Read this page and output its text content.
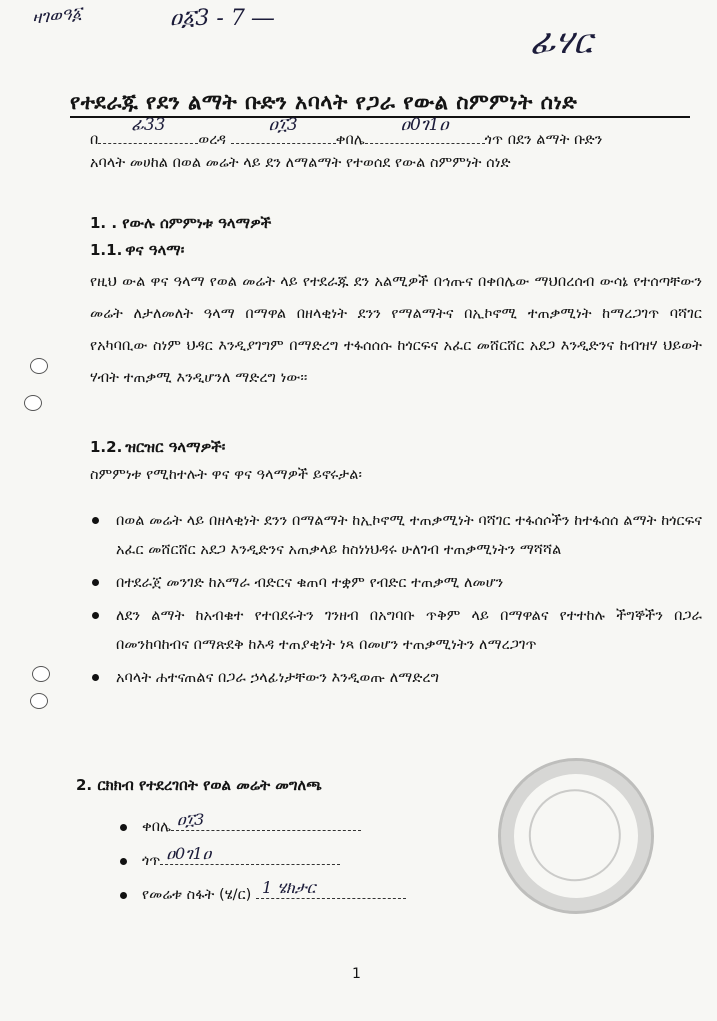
ዛገወዓ፩	ዐ፩3 - 7 ―
ፊሃር
የተደራጁ የደን ልማት ቡድን አባላት የጋራ የውል ስምምነት ሰነድ
በ
ፊ33
ወረዳ
ዐ፲3
ቀበሌ
ዐ0ገ1ዐ
ጎጥ በደን ልማት ቡድን
አባላት መሀከል በወል መሬት ላይ ደን ለማልማት የተወሰደ የውል ስምምነት ሰነድ
1. . የውሉ ሰምምነቱ ዓላማዎች
1.1. ዋና ዓላማ፡
የዚህ ውል ዋና ዓላማ የወል መሬት ላይ የተደራጁ ደን አልሚዎች በኅጡና በቀበሌው ማህበረሰብ ውሳኔ የተሰጣቸውን መሬት ለታለመለት ዓላማ በማዋል በዘላቂነት ደንን የማልማትና በኢኮኖሚ ተጠቃሚነት ከማረጋገጥ ባሻገር የአካባቢው ስነም ህዳር እንዲያገግም በማድረግ ተፋሰሰሱ ከጎርፍና አፈር መሸርሸር አደጋ እንዲድንና ከብዝሃ ህይወት ሃብት ተጠቃሚ እንዲሆንለ ማድረግ ነው፡፡
1.2. ዝርዝር ዓላማዎች፡
ስምምነቱ የሚከተሉት ዋና ዋና ዓላማዎች ይኖሩታል፡
በወል መሬት ላይ በዘላቂነት ደንን በማልማት ከኢኮኖሚ ተጠቃሚነት ባሻገር ተፋሰሶችን ከተፋሰሰ ልማት ከጎርፍና አፈር መሸርሸር አደጋ እንዲድንና አጠቃላይ ከስነነህዳሩ ሁለገብ ተጠቃሚነትን ማሻሻል
በተደራጀ መንገድ ከአማራ ብድርና ቁጠባ ተቋም የብድር ተጠቃሚ ለመሆን
ለደን ልማት ከአብቁተ የተበደሩትን ገንዘብ በአግባቡ ጥቅም ላይ በማዋልና የተተከሉ ችግኞችን በጋራ በመንከባከብና በማጽደቅ ከእዳ ተጠያቂነት ነጻ በመሆን ተጠቃሚነትን ለማረጋገጥ
አባላት ሐተናጠልና በጋራ ኃላፊነታቸውን እንዲወጡ ለማድረግ
2. ርክክብ የተደረገበት የወል መሬት መግለጫ
ቀበሌ ዐ፲3
ጎጥ ዐ0ገ1ዐ
የመሬቱ ስፋት (ሄ/ር) 1 ሄክታር
1
